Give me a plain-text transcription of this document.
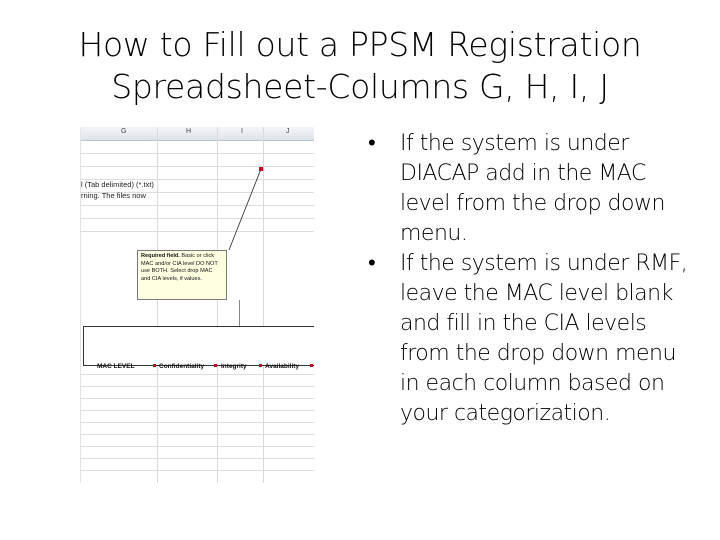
How to Fill out a PPSM Registration
Spreadsheet-Columns G, H, I, J
G	H	I	J
l (Tab delimited) (*.txt)
rning. The files now
Required field. Basic or click MAC and/or CIA level DO NOT use BOTH. Select drop MAC and CIA levels, if values.
MAC LEVEL	Confidentiality	Integrity	Availability
• If the system is under DIACAP add in the MAC level from the drop down menu.
• If the system is under RMF, leave the MAC level blank and fill in the CIA levels from the drop down menu in each column based on your categorization.
